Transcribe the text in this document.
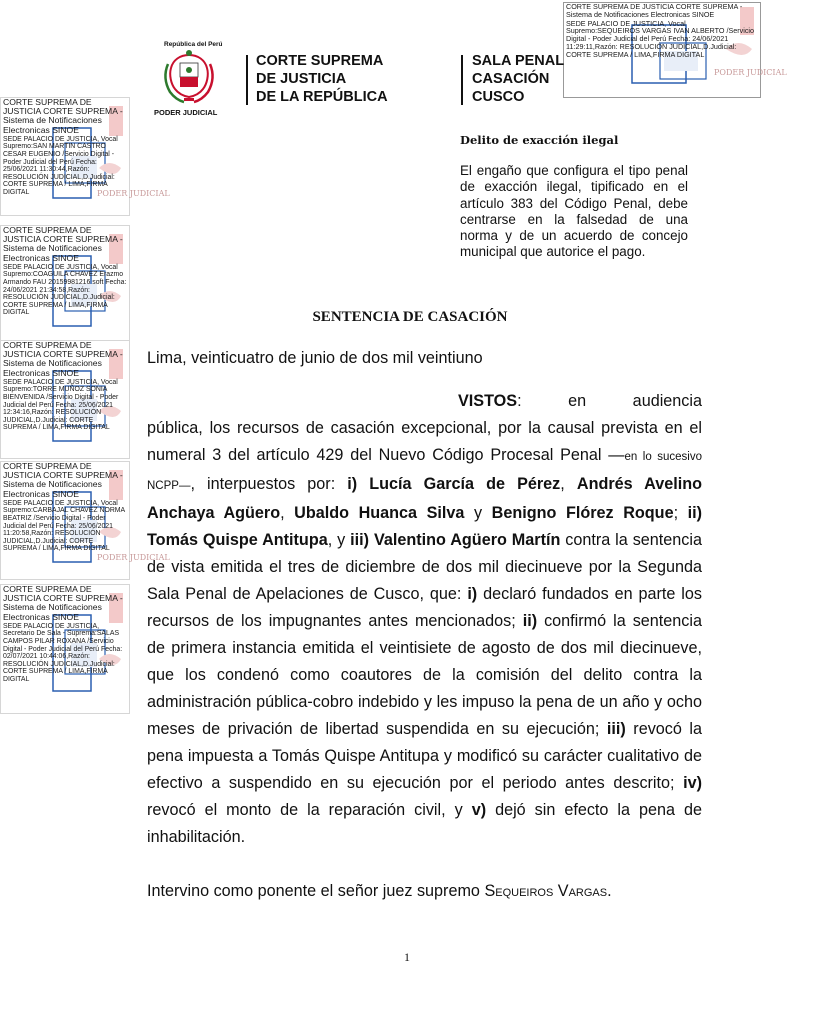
PODER JUDICIAL
CORTE SUPREMA DE JUSTICIA CORTE SUPREMA - Sistema de Notificaciones Electronicas SINOE
SEDE PALACIO DE JUSTICIA, Vocal Supremo:SAN MARTIN CASTRO CESAR EUGENIO /Servicio Digital - Poder Judicial del Perú Fecha: 25/06/2021 11:30:44,Razón: RESOLUCIÓN JUDICIAL,D.Judicial: CORTE SUPREMA / LIMA,FIRMA DIGITAL
CORTE SUPREMA DE JUSTICIA CORTE SUPREMA - Sistema de Notificaciones Electronicas SINOE
SEDE PALACIO DE JUSTICIA, Vocal Supremo:COAGUILA CHAVEZ Erazmo Armando FAU 20159981216 soft Fecha: 24/06/2021 21:34:58,Razón: RESOLUCIÓN JUDICIAL,D.Judicial: CORTE SUPREMA / LIMA,FIRMA DIGITAL
CORTE SUPREMA DE JUSTICIA CORTE SUPREMA - Sistema de Notificaciones Electronicas SINOE
SEDE PALACIO DE JUSTICIA, Vocal Supremo:TORRE MUÑOZ SONIA BIENVENIDA /Servicio Digital - Poder Judicial del Perú Fecha: 25/06/2021 12:34:16,Razón: RESOLUCIÓN JUDICIAL,D.Judicial: CORTE SUPREMA / LIMA,FIRMA DIGITAL
PODER JUDICIAL
CORTE SUPREMA DE JUSTICIA CORTE SUPREMA - Sistema de Notificaciones Electronicas SINOE
SEDE PALACIO DE JUSTICIA, Vocal Supremo:CARBAJAL CHAVEZ NORMA BEATRIZ /Servicio Digital - Poder Judicial del Perú Fecha: 25/06/2021 11:20:58,Razón: RESOLUCIÓN JUDICIAL,D.Judicial: CORTE SUPREMA / LIMA,FIRMA DIGITAL
CORTE SUPREMA DE JUSTICIA CORTE SUPREMA - Sistema de Notificaciones Electronicas SINOE
SEDE PALACIO DE JUSTICIA, Secretario De Sala - Suprema:SALAS CAMPOS PILAR ROXANA /Servicio Digital - Poder Judicial del Perú Fecha: 02/07/2021 10:44:06,Razón: RESOLUCIÓN JUDICIAL,D.Judicial: CORTE SUPREMA / LIMA,FIRMA DIGITAL
PODER JUDICIAL
CORTE SUPREMA DE JUSTICIA CORTE SUPREMA - Sistema de Notificaciones Electronicas SINOE
SEDE PALACIO DE JUSTICIA, Vocal Supremo:SEQUEIROS VARGAS IVAN ALBERTO /Servicio Digital - Poder Judicial del Perú Fecha: 24/06/2021 11:29:11,Razón: RESOLUCIÓN JUDICIAL,D.Judicial: CORTE SUPREMA / LIMA,FIRMA DIGITAL
República del Perú
PODER JUDICIAL
CORTE SUPREMA
DE JUSTICIA
DE LA REPÚBLICA
SALA PENAL
CASACIÓN
CUSCO
Delito de exacción ilegal
El engaño que configura el tipo penal de exacción ilegal, tipificado en el artículo 383 del Código Penal, debe centrarse en la falsedad de una norma y de un acuerdo de concejo municipal que autorice el pago.
SENTENCIA DE CASACIÓN
Lima, veinticuatro de junio de dos mil veintiuno
VISTOS: en audiencia
pública, los recursos de casación excepcional, por la causal prevista en el numeral 3 del artículo 429 del Nuevo Código Procesal Penal —en lo sucesivo NCPP—, interpuestos por: i) Lucía García de Pérez, Andrés Avelino Anchaya Agüero, Ubaldo Huanca Silva y Benigno Flórez Roque; ii) Tomás Quispe Antitupa, y iii) Valentino Agüero Martín contra la sentencia de vista emitida el tres de diciembre de dos mil diecinueve por la Segunda Sala Penal de Apelaciones de Cusco, que: i) declaró fundados en parte los recursos de los impugnantes antes mencionados; ii) confirmó la sentencia de primera instancia emitida el veintisiete de agosto de dos mil diecinueve, que los condenó como coautores de la comisión del delito contra la administración pública-cobro indebido y les impuso la pena de un año y ocho meses de privación de libertad suspendida en su ejecución; iii) revocó la pena impuesta a Tomás Quispe Antitupa y modificó su carácter cualitativo de efectivo a suspendido en su ejecución por el periodo antes descrito; iv) revocó el monto de la reparación civil, y v) dejó sin efecto la pena de inhabilitación.
Intervino como ponente el señor juez supremo Sequeiros Vargas.
1
